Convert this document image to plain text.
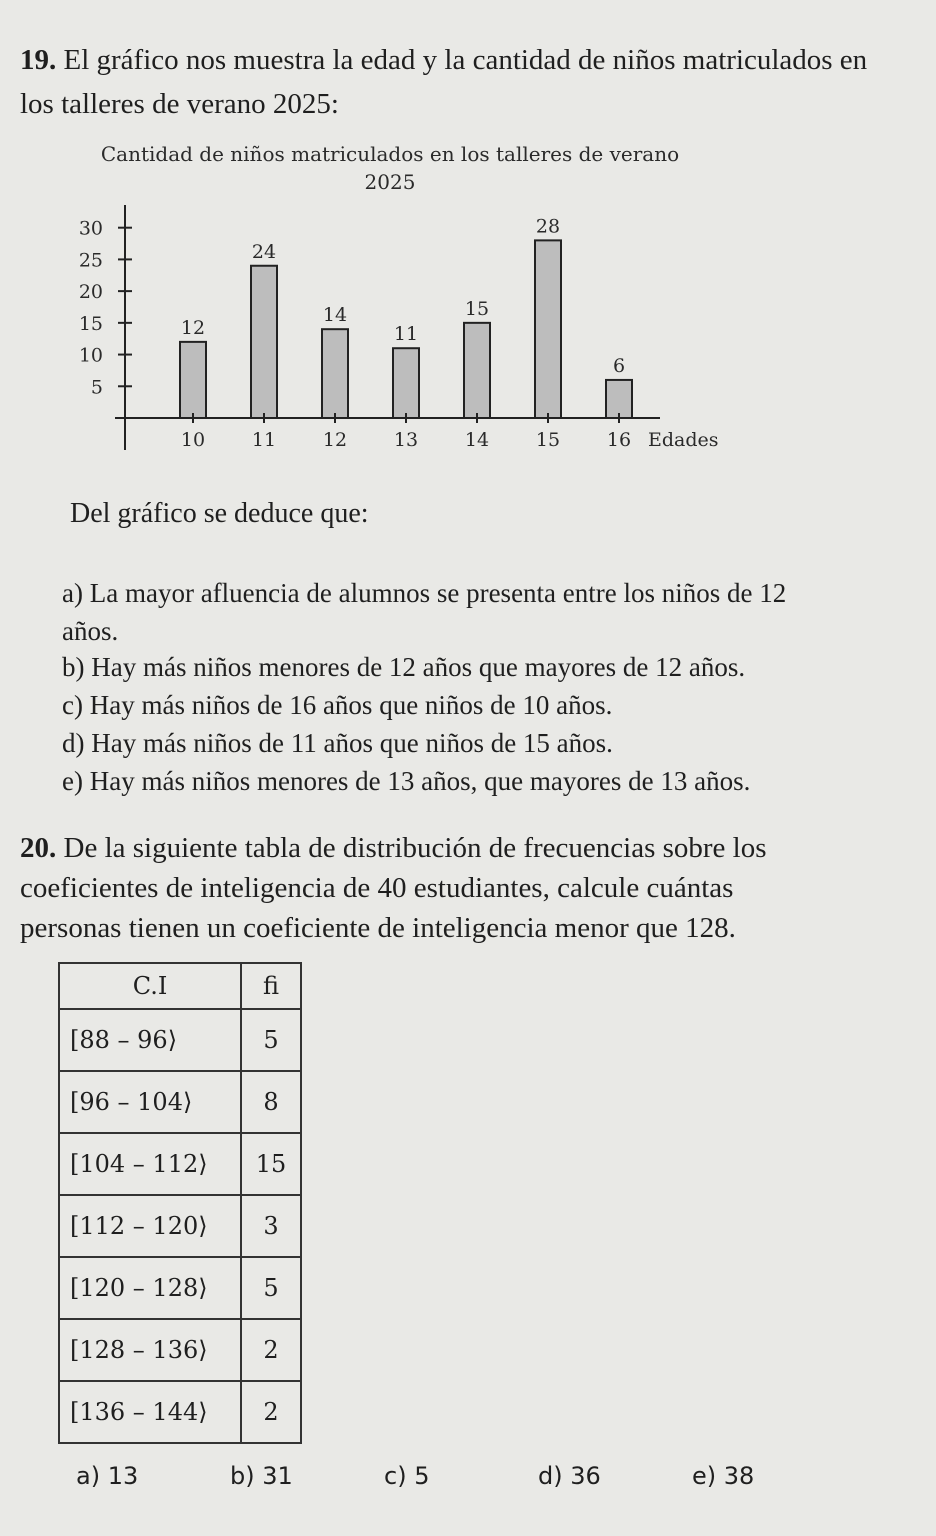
19. El gráfico nos muestra la edad y la cantidad de niños matriculados en los talleres de verano 2025:
Cantidad de niños matriculados en los talleres de verano 2025
5
10
15
20
25
30
12
10
24
11
14
12
11
13
15
14
28
15
6
16 Edades
Del gráfico se deduce que:
a) La mayor afluencia de alumnos se presenta entre los niños de 12 años.
b) Hay más niños menores de 12 años que mayores de 12 años.
c) Hay más niños de 16 años que niños de 10 años.
d) Hay más niños de 11 años que niños de 15 años.
e) Hay más niños menores de 13 años, que mayores de 13 años.
20. De la siguiente tabla de distribución de frecuencias sobre los coeficientes de inteligencia de 40 estudiantes, calcule cuántas personas tienen un coeficiente de inteligencia menor que 128.
C.I	fi
[88 – 96⟩	5
[96 – 104⟩	8
[104 – 112⟩	15
[112 – 120⟩	3
[120 – 128⟩	5
[128 – 136⟩	2
[136 – 144⟩	2
a) 13	b) 31	c) 5	d) 36	e) 38
